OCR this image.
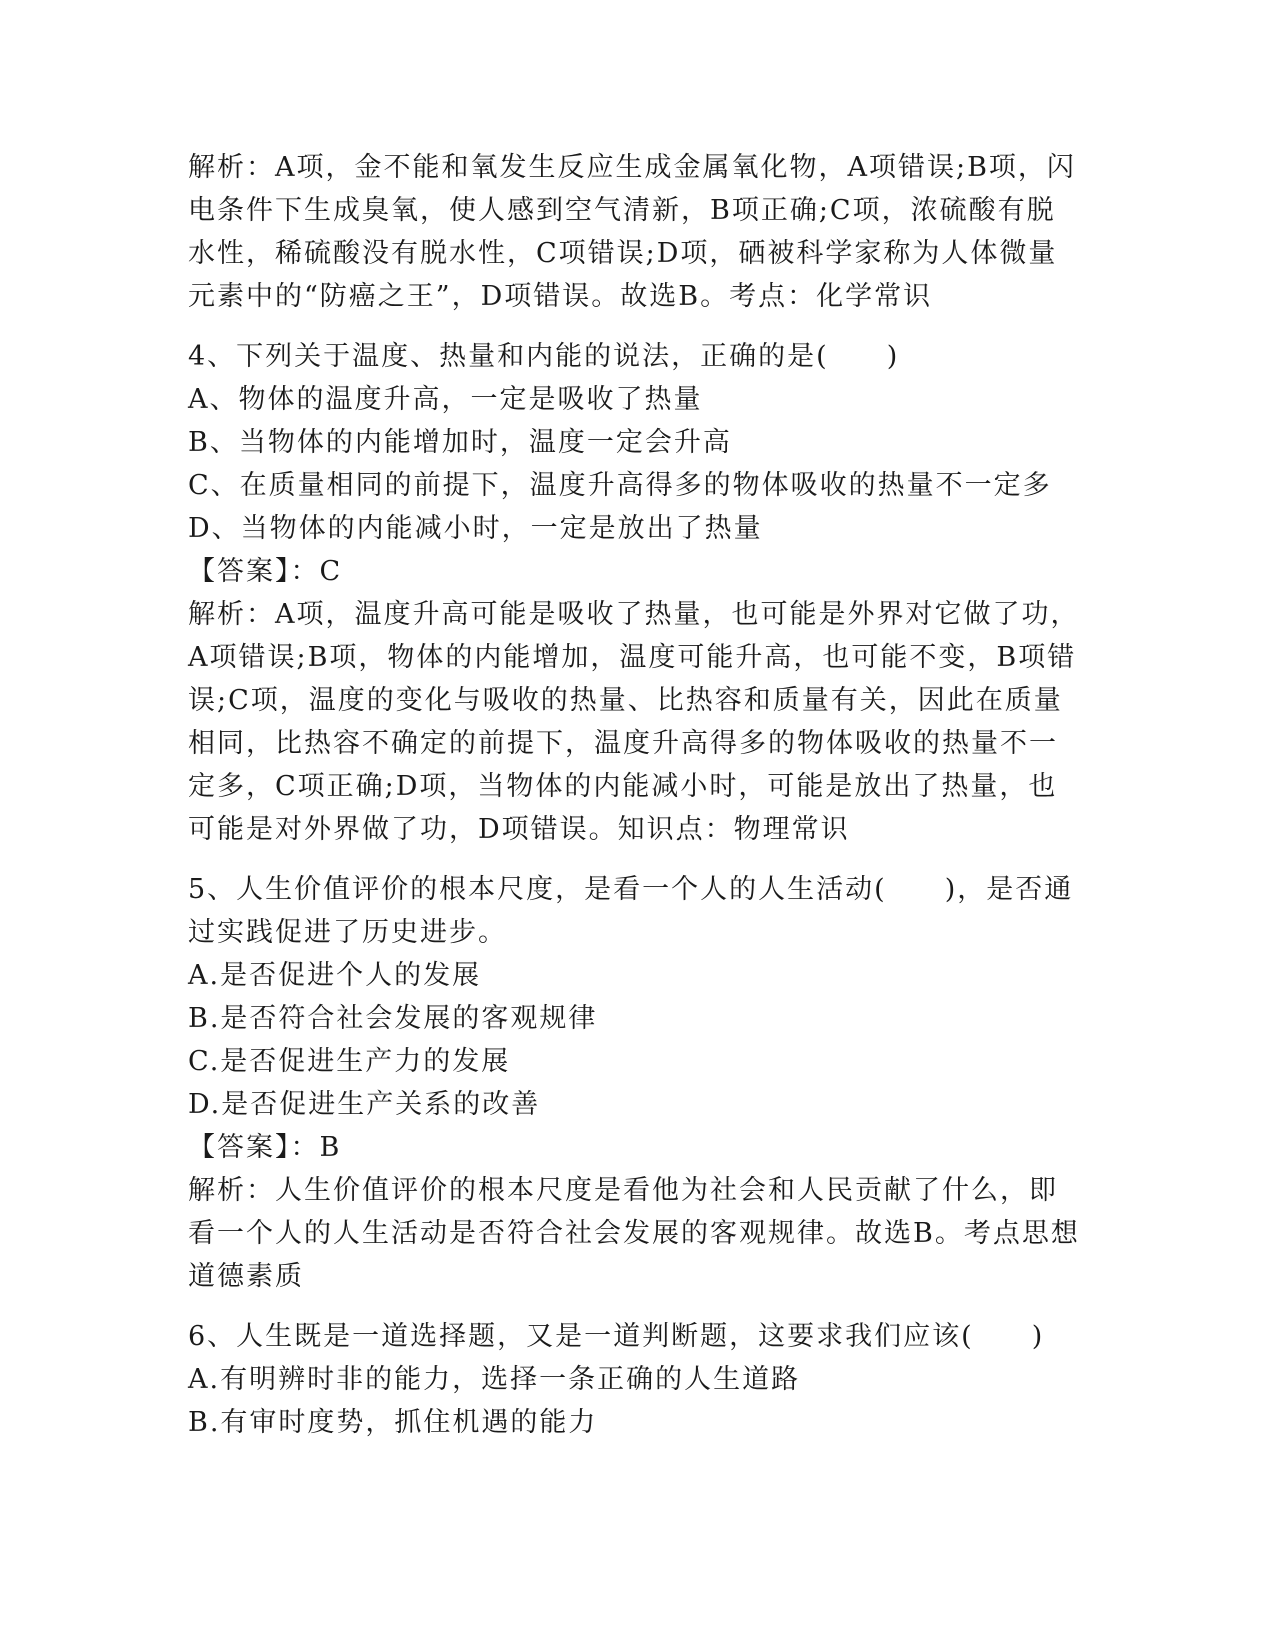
解析：A项，金不能和氧发生反应生成金属氧化物，A项错误;B项，闪
电条件下生成臭氧，使人感到空气清新，B项正确;C项，浓硫酸有脱
水性，稀硫酸没有脱水性，C项错误;D项，硒被科学家称为人体微量
元素中的“防癌之王”，D项错误。故选B。考点：化学常识
4、下列关于温度、热量和内能的说法，正确的是(　　)
A、物体的温度升高，一定是吸收了热量
B、当物体的内能增加时，温度一定会升高
C、在质量相同的前提下，温度升高得多的物体吸收的热量不一定多
D、当物体的内能减小时，一定是放出了热量
【答案】：C
解析：A项，温度升高可能是吸收了热量，也可能是外界对它做了功，
A项错误;B项，物体的内能增加，温度可能升高，也可能不变，B项错
误;C项，温度的变化与吸收的热量、比热容和质量有关，因此在质量
相同，比热容不确定的前提下，温度升高得多的物体吸收的热量不一
定多，C项正确;D项，当物体的内能减小时，可能是放出了热量，也
可能是对外界做了功，D项错误。知识点：物理常识
5、人生价值评价的根本尺度，是看一个人的人生活动(　　)，是否通
过实践促进了历史进步。
A.是否促进个人的发展
B.是否符合社会发展的客观规律
C.是否促进生产力的发展
D.是否促进生产关系的改善
【答案】：B
解析：人生价值评价的根本尺度是看他为社会和人民贡献了什么，即
看一个人的人生活动是否符合社会发展的客观规律。故选B。考点思想
道德素质
6、人生既是一道选择题，又是一道判断题，这要求我们应该(　　)
A.有明辨时非的能力，选择一条正确的人生道路
B.有审时度势，抓住机遇的能力
